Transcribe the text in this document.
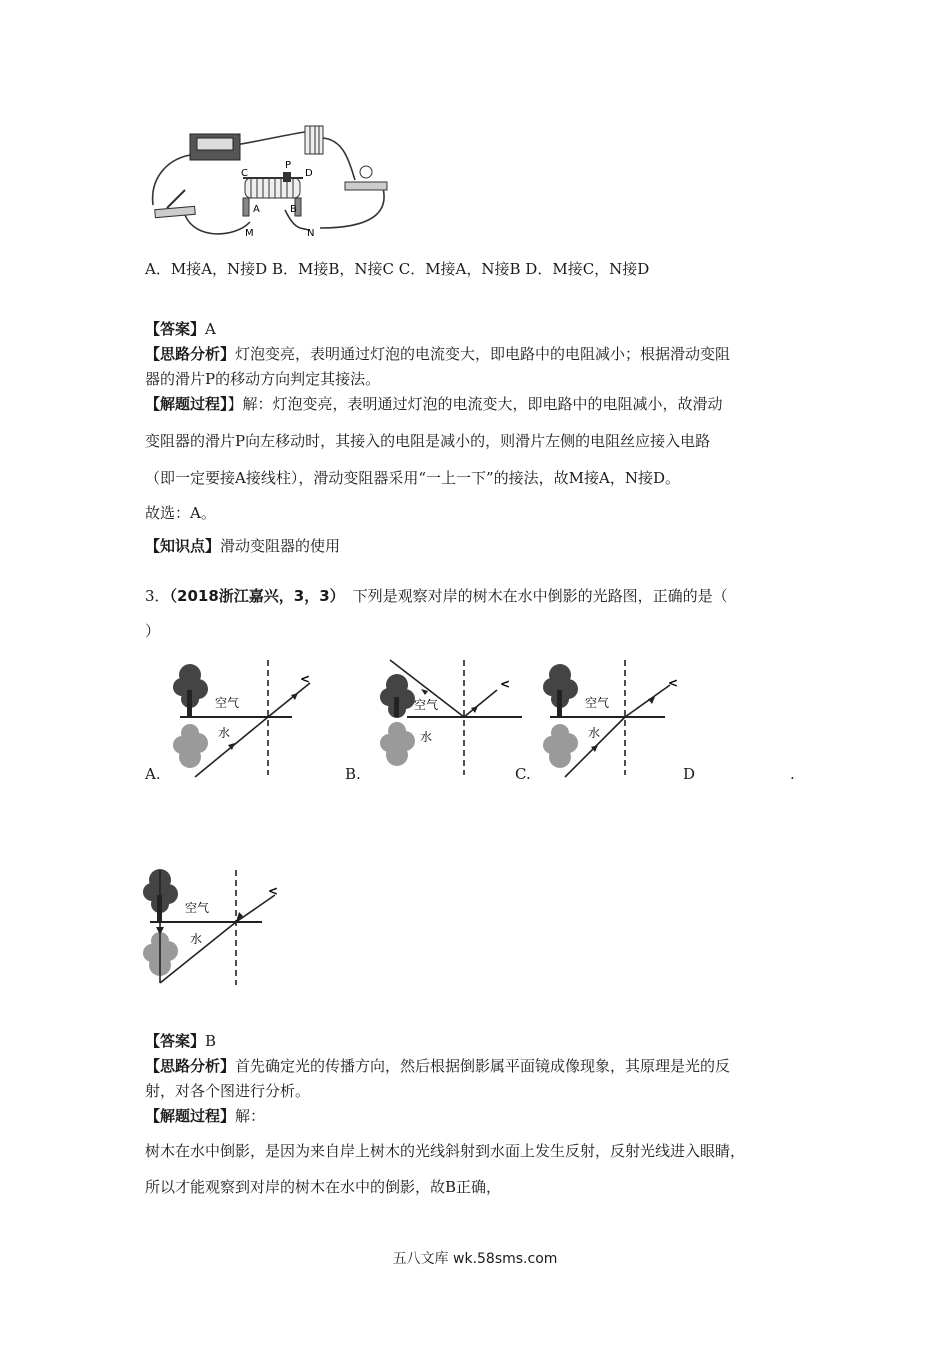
C
P
D
A	B
M	N
A．M接A，N接D B．M接B，N接C C．M接A，N接B D．M接C，N接D
【答案】A
【思路分析】灯泡变亮，表明通过灯泡的电流变大，即电路中的电阻减小；根据滑动变阻
器的滑片P的移动方向判定其接法。
【解题过程】】解：灯泡变亮，表明通过灯泡的电流变大，即电路中的电阻减小，故滑动
变阻器的滑片P向左移动时，其接入的电阻是减小的，则滑片左侧的电阻丝应接入电路
（即一定要接A接线柱），滑动变阻器采用“一上一下”的接法，故M接A，N接D。
故选：A。
【知识点】滑动变阻器的使用
3．（2018浙江嘉兴，3，3） 下列是观察对岸的树木在水中倒影的光路图，正确的是（
）
空气
水
<
A.
空气
水
<
B.
空气
水
<
C.	D	.
空气
水
<
【答案】B
【思路分析】首先确定光的传播方向，然后根据倒影属平面镜成像现象，其原理是光的反
射，对各个图进行分析。
【解题过程】解：
树木在水中倒影，是因为来自岸上树木的光线斜射到水面上发生反射，反射光线进入眼睛，
所以才能观察到对岸的树木在水中的倒影，故B正确，
五八文库 wk.58sms.com
